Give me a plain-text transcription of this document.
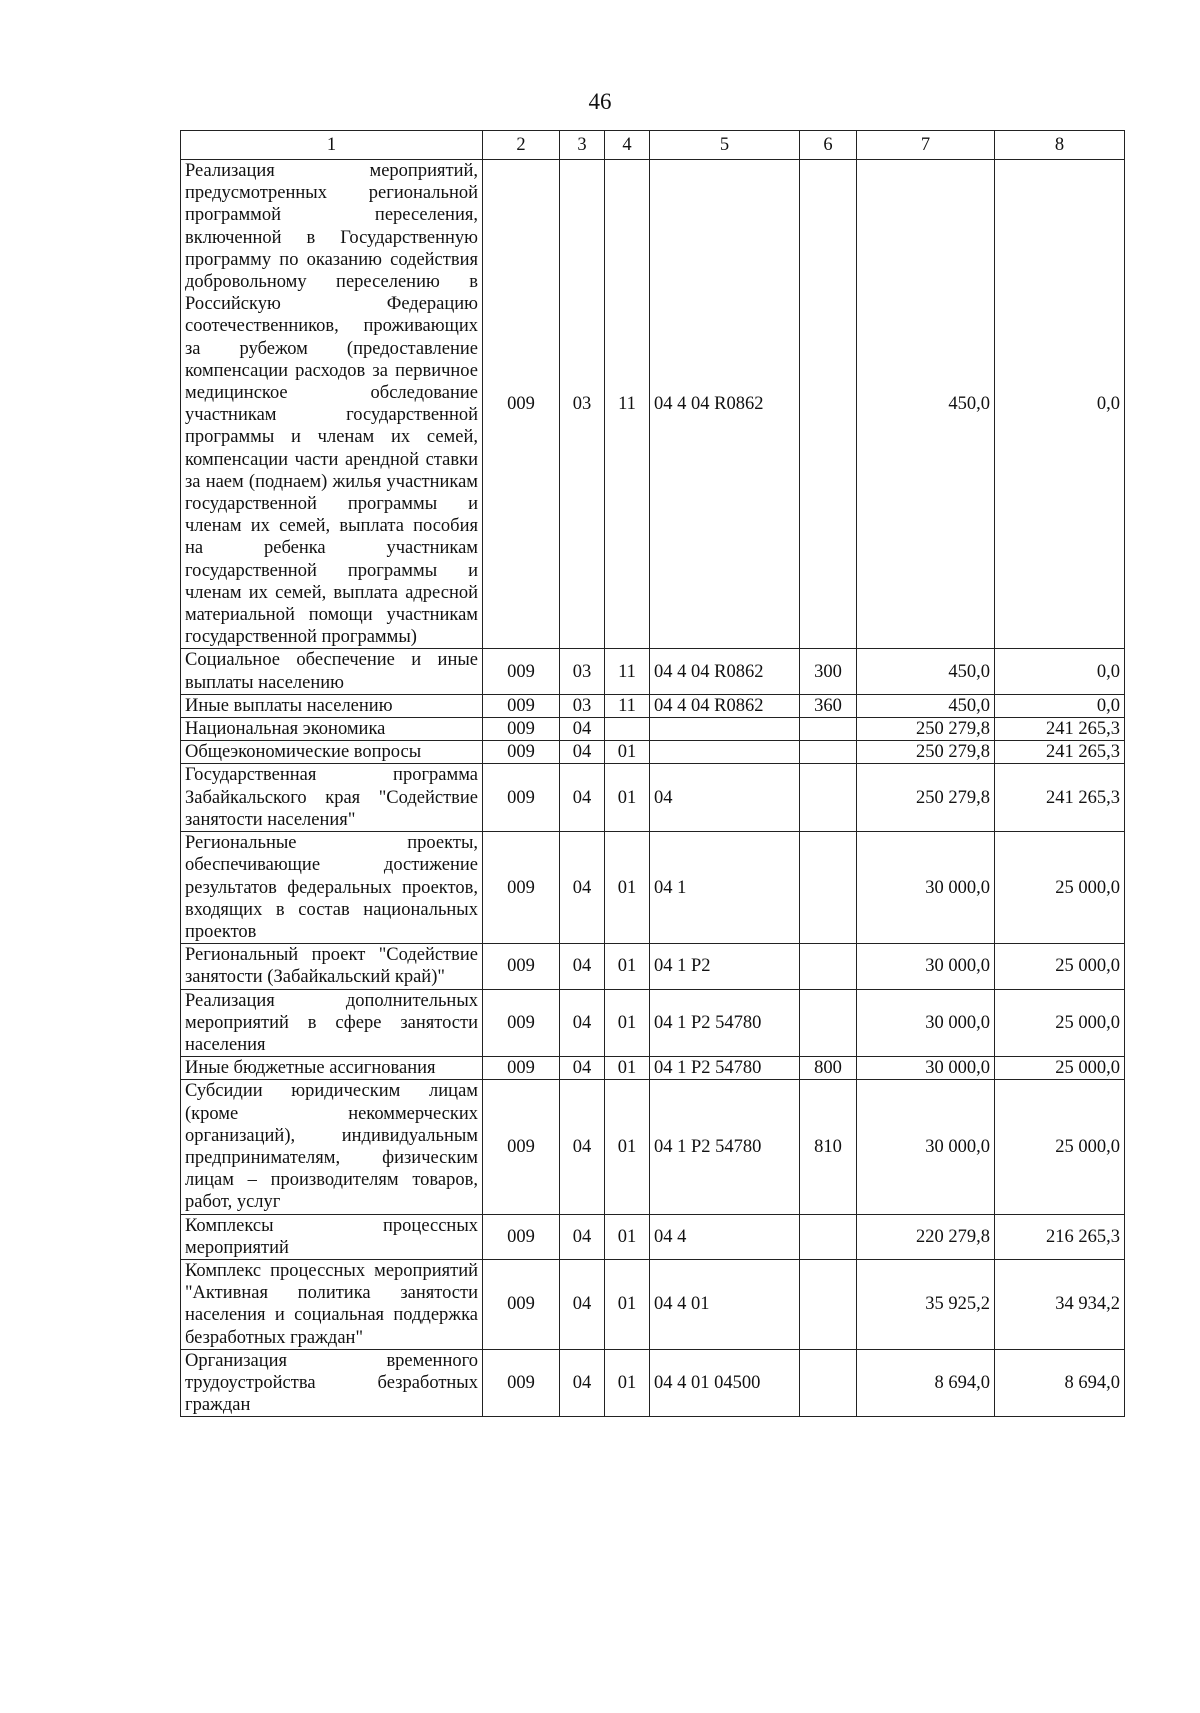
46
1	2	3	4	5	6	7	8
Реализация мероприятий, предусмотренных региональной программой переселения, включенной в Государственную программу по оказанию содействия добровольному переселению в Российскую Федерацию соотечественников, проживающих за рубежом (предоставление компенсации расходов за первичное медицинское обследование участникам государственной программы и членам их семей, компенсации части арендной ставки за наем (поднаем) жилья участникам государственной программы и членам их семей, выплата пособия на ребенка участникам государственной программы и членам их семей, выплата адресной материальной помощи участникам государственной программы)	009	03	11	04 4 04 R0862		450,0	0,0
Социальное обеспечение и иные выплаты населению	009	03	11	04 4 04 R0862	300	450,0	0,0
Иные выплаты населению	009	03	11	04 4 04 R0862	360	450,0	0,0
Национальная экономика	009	04				250 279,8	241 265,3
Общеэкономические вопросы	009	04	01			250 279,8	241 265,3
Государственная программа Забайкальского края "Содействие занятости населения"	009	04	01	04		250 279,8	241 265,3
Региональные проекты, обеспечивающие достижение результатов федеральных проектов, входящих в состав национальных проектов	009	04	01	04 1		30 000,0	25 000,0
Региональный проект "Содействие занятости (Забайкальский край)"	009	04	01	04 1 P2		30 000,0	25 000,0
Реализация дополнительных мероприятий в сфере занятости населения	009	04	01	04 1 P2 54780		30 000,0	25 000,0
Иные бюджетные ассигнования	009	04	01	04 1 P2 54780	800	30 000,0	25 000,0
Субсидии юридическим лицам (кроме некоммерческих организаций), индивидуальным предпринимателям, физическим лицам – производителям товаров, работ, услуг	009	04	01	04 1 P2 54780	810	30 000,0	25 000,0
Комплексы процессных мероприятий	009	04	01	04 4		220 279,8	216 265,3
Комплекс процессных мероприятий "Активная политика занятости населения и социальная поддержка безработных граждан"	009	04	01	04 4 01		35 925,2	34 934,2
Организация временного трудоустройства безработных граждан	009	04	01	04 4 01 04500		8 694,0	8 694,0
